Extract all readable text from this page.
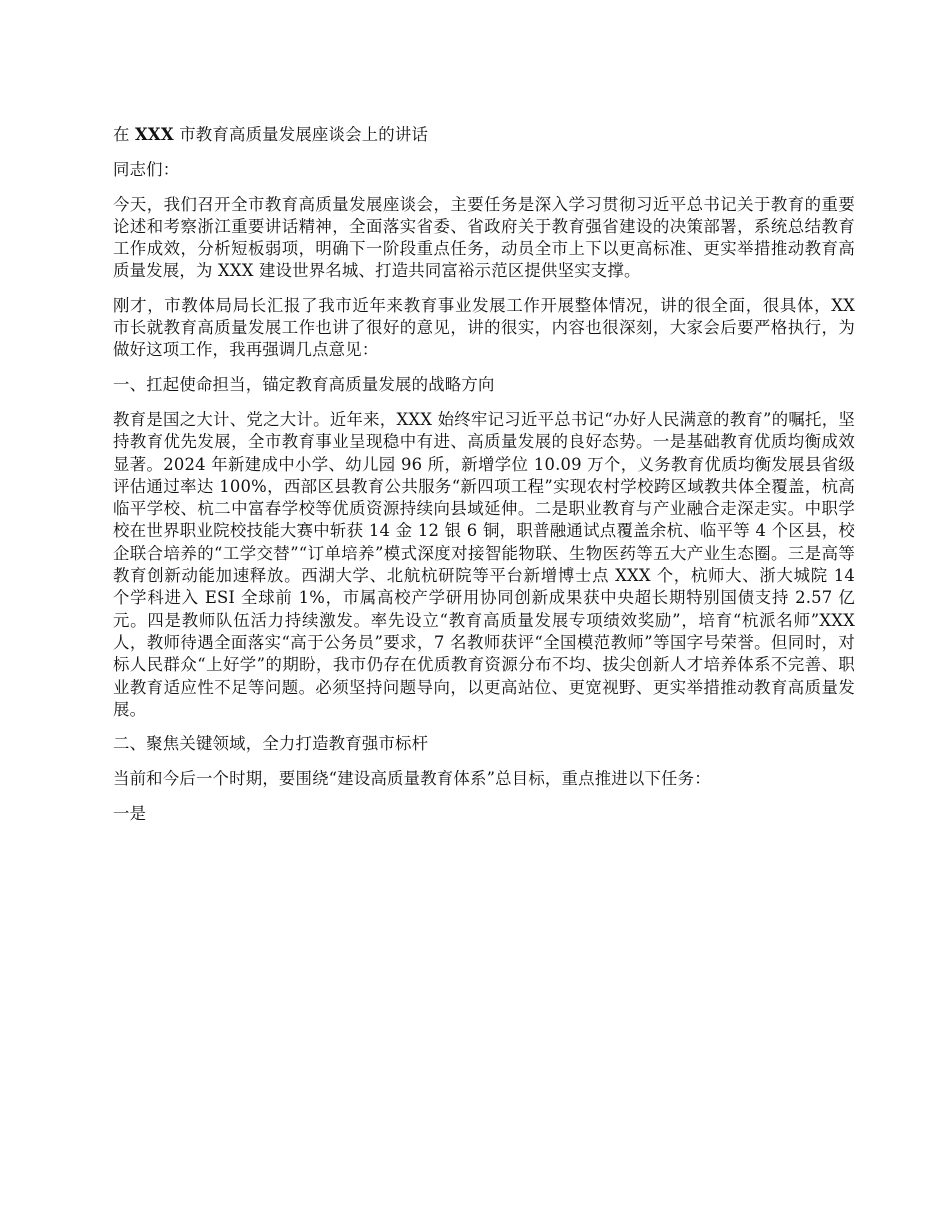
在 XXX 市教育高质量发展座谈会上的讲话

同志们：

今天，我们召开全市教育高质量发展座谈会，主要任务是深入学习贯彻习近平总书记关于教育的重要论述和考察浙江重要讲话精神，全面落实省委、省政府关于教育强省建设的决策部署，系统总结教育工作成效，分析短板弱项，明确下一阶段重点任务，动员全市上下以更高标准、更实举措推动教育高质量发展，为 XXX 建设世界名城、打造共同富裕示范区提供坚实支撑。

刚才，市教体局局长汇报了我市近年来教育事业发展工作开展整体情况，讲的很全面，很具体，XX 市长就教育高质量发展工作也讲了很好的意见，讲的很实，内容也很深刻，大家会后要严格执行，为做好这项工作，我再强调几点意见：

一、扛起使命担当，锚定教育高质量发展的战略方向

教育是国之大计、党之大计。近年来，XXX 始终牢记习近平总书记“办好人民满意的教育”的嘱托，坚持教育优先发展，全市教育事业呈现稳中有进、高质量发展的良好态势。一是基础教育优质均衡成效显著。2024 年新建成中小学、幼儿园 96 所，新增学位 10.09 万个，义务教育优质均衡发展县省级评估通过率达 100%，西部区县教育公共服务“新四项工程”实现农村学校跨区域教共体全覆盖，杭高临平学校、杭二中富春学校等优质资源持续向县域延伸。二是职业教育与产业融合走深走实。中职学校在世界职业院校技能大赛中斩获 14 金 12 银 6 铜，职普融通试点覆盖余杭、临平等 4 个区县，校企联合培养的“工学交替”“订单培养”模式深度对接智能物联、生物医药等五大产业生态圈。三是高等教育创新动能加速释放。西湖大学、北航杭研院等平台新增博士点 XXX 个，杭师大、浙大城院 14 个学科进入 ESI 全球前 1%，市属高校产学研用协同创新成果获中央超长期特别国债支持 2.57 亿元。四是教师队伍活力持续激发。率先设立“教育高质量发展专项绩效奖励”，培育“杭派名师”XXX 人，教师待遇全面落实“高于公务员”要求，7 名教师获评“全国模范教师”等国字号荣誉。但同时，对标人民群众“上好学”的期盼，我市仍存在优质教育资源分布不均、拔尖创新人才培养体系不完善、职业教育适应性不足等问题。必须坚持问题导向，以更高站位、更宽视野、更实举措推动教育高质量发展。

二、聚焦关键领域，全力打造教育强市标杆

当前和今后一个时期，要围绕“建设高质量教育体系”总目标，重点推进以下任务：

一是
